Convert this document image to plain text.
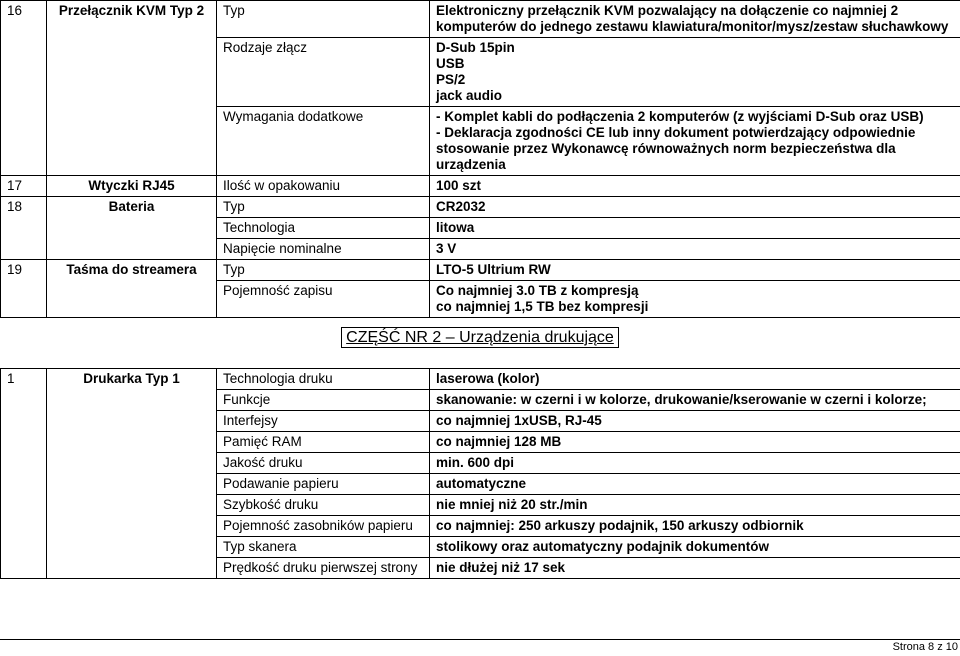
16	Przełącznik KVM Typ 2	Typ	Elektroniczny przełącznik KVM pozwalający na dołączenie co najmniej 2
komputerów do jednego zestawu klawiatura/monitor/mysz/zestaw słuchawkowy

		Rodzaje złącz	D-Sub 15pin
USB
PS/2
jack audio

		Wymagania dodatkowe	- Komplet kabli do podłączenia 2 komputerów (z wyjściami D-Sub oraz USB)
- Deklaracja zgodności CE lub inny dokument potwierdzający odpowiednie
stosowanie przez Wykonawcę równoważnych norm bezpieczeństwa dla
urządzenia

17	Wtyczki RJ45	Ilość w opakowaniu	100 szt

18	Bateria	Typ	CR2032

		Technologia	litowa

		Napięcie nominalne	3 V

19	Taśma do streamera	Typ	LTO-5 Ultrium RW

		Pojemność zapisu	Co najmniej 3.0 TB z kompresją
co najmniej 1,5 TB bez kompresji
CZĘŚĆ NR 2 – Urządzenia drukujące
1	Drukarka Typ 1	Technologia druku	laserowa (kolor)

		Funkcje	skanowanie: w czerni i w kolorze, drukowanie/kserowanie w czerni i kolorze;

		Interfejsy	co najmniej 1xUSB, RJ-45

		Pamięć RAM	co najmniej 128 MB

		Jakość druku	min. 600 dpi

		Podawanie papieru	automatyczne

		Szybkość druku	nie mniej niż 20 str./min

		Pojemność zasobników papieru	co najmniej: 250 arkuszy podajnik, 150 arkuszy odbiornik

		Typ skanera	stolikowy oraz automatyczny podajnik dokumentów

		Prędkość druku pierwszej strony	nie dłużej niż 17 sek
Strona 8 z 10
